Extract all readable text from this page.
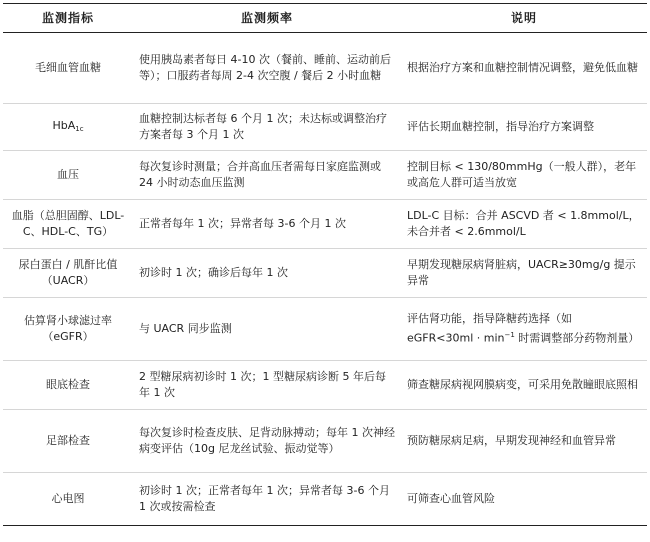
监测指标	监测频率	说明
毛细血管血糖	使用胰岛素者每日 4-10 次（餐前、睡前、运动前后等）；口服药者每周 2-4 次空腹 / 餐后 2 小时血糖	根据治疗方案和血糖控制情况调整，避免低血糖
HbA$_{1c}$	血糖控制达标者每 6 个月 1 次；未达标或调整治疗方案者每 3 个月 1 次	评估长期血糖控制，指导治疗方案调整
血压	每次复诊时测量；合并高血压者需每日家庭监测或 24 小时动态血压监测	控制目标 < 130/80mmHg（一般人群），老年或高危人群可适当放宽
血脂（总胆固醇、LDL-C、HDL-C、TG）	正常者每年 1 次；异常者每 3-6 个月 1 次	LDL-C 目标：合并 ASCVD 者 < 1.8mmol/L，未合并者 < 2.6mmol/L
尿白蛋白 / 肌酐比值（UACR）	初诊时 1 次；确诊后每年 1 次	早期发现糖尿病肾脏病，UACR≥30mg/g 提示异常
估算肾小球滤过率（eGFR）	与 UACR 同步监测	评估肾功能，指导降糖药选择（如 eGFR<30ml · $\min^{-1}$ 时需调整部分药物剂量）
眼底检查	2 型糖尿病初诊时 1 次；1 型糖尿病诊断 5 年后每年 1 次	筛查糖尿病视网膜病变，可采用免散瞳眼底照相
足部检查	每次复诊时检查皮肤、足背动脉搏动；每年 1 次神经病变评估（10g 尼龙丝试验、振动觉等）	预防糖尿病足病，早期发现神经和血管异常
心电图	初诊时 1 次；正常者每年 1 次；异常者每 3-6 个月 1 次或按需检查	可筛查心血管风险
